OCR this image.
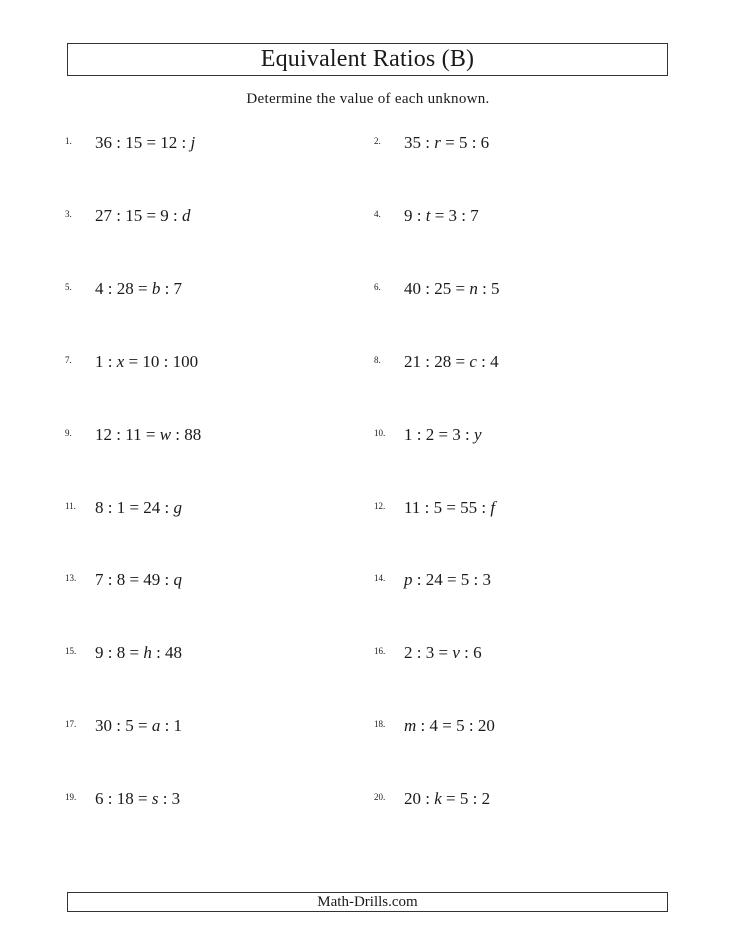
Equivalent Ratios (B)
Determine the value of each unknown.
1.	36 : 15 = 12 : j	2.	35 : r = 5 : 6
3.	27 : 15 = 9 : d	4.	9 : t = 3 : 7
5.	4 : 28 = b : 7	6.	40 : 25 = n : 5
7.	1 : x = 10 : 100	8.	21 : 28 = c : 4
9.	12 : 11 = w : 88	10.	1 : 2 = 3 : y
11.	8 : 1 = 24 : g	12.	11 : 5 = 55 : f
13.	7 : 8 = 49 : q	14.	p : 24 = 5 : 3
15.	9 : 8 = h : 48	16.	2 : 3 = v : 6
17.	30 : 5 = a : 1	18.	m : 4 = 5 : 20
19.	6 : 18 = s : 3	20.	20 : k = 5 : 2
Math-Drills.com
